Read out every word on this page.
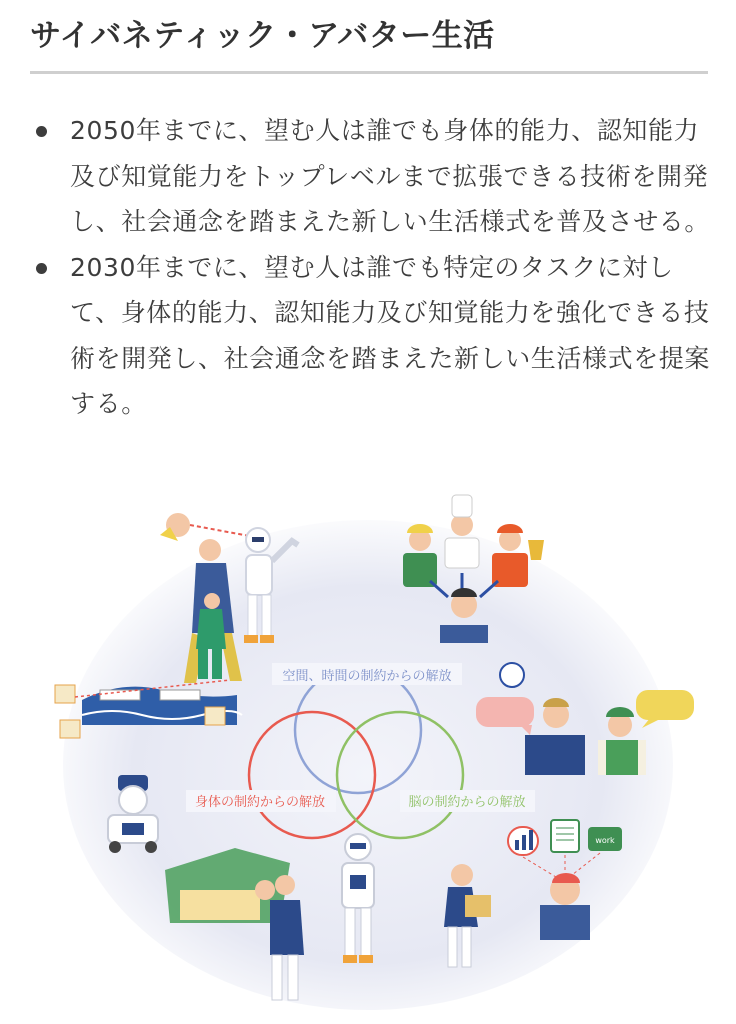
サイバネティック・アバター生活
2050年までに、望む人は誰でも身体的能力、認知能力及び知覚能力をトップレベルまで拡張できる技術を開発し、社会通念を踏まえた新しい生活様式を普及させる。
2030年までに、望む人は誰でも特定のタスクに対して、身体的能力、認知能力及び知覚能力を強化できる技術を開発し、社会通念を踏まえた新しい生活様式を提案する。
空間、時間の制約からの解放
身体の制約からの解放	脳の制約からの解放
work
